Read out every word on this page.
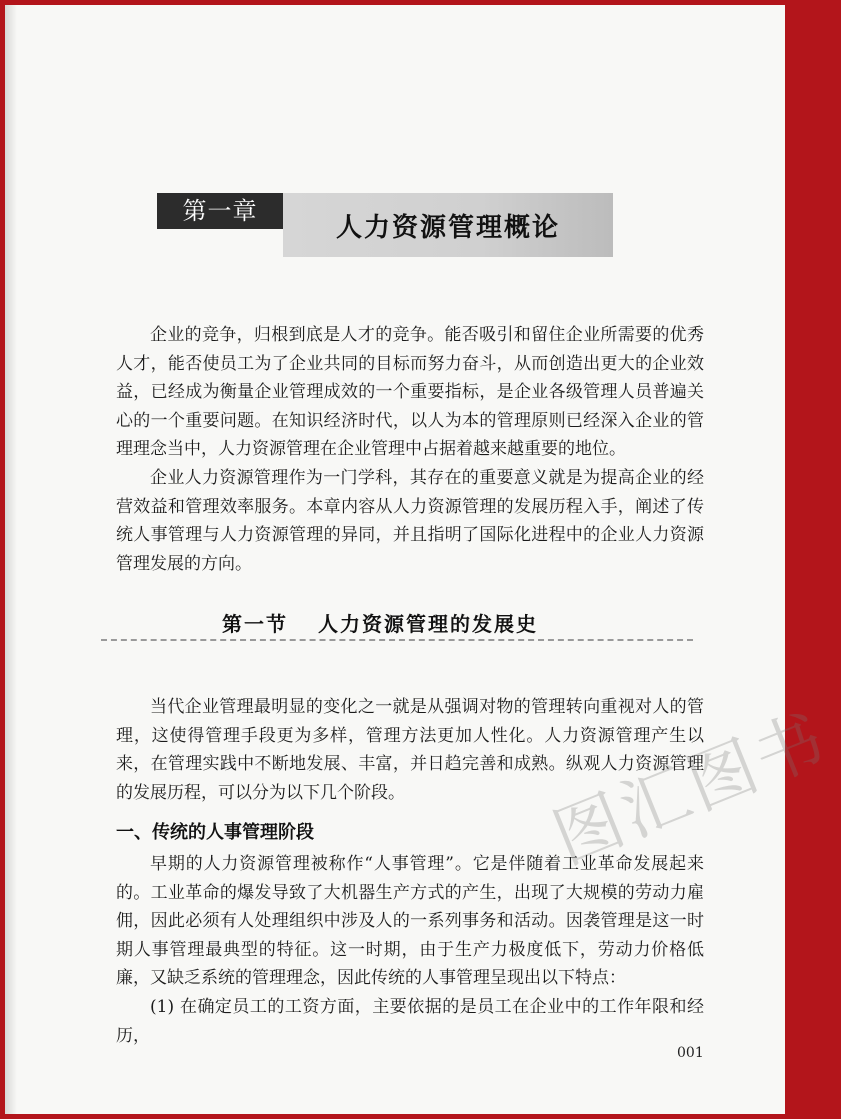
第一章
人力资源管理概论

企业的竞争，归根到底是人才的竞争。能否吸引和留住企业所需要的优秀人才，能否使员工为了企业共同的目标而努力奋斗，从而创造出更大的企业效益，已经成为衡量企业管理成效的一个重要指标，是企业各级管理人员普遍关心的一个重要问题。在知识经济时代，以人为本的管理原则已经深入企业的管理理念当中，人力资源管理在企业管理中占据着越来越重要的地位。

企业人力资源管理作为一门学科，其存在的重要意义就是为提高企业的经营效益和管理效率服务。本章内容从人力资源管理的发展历程入手，阐述了传统人事管理与人力资源管理的异同，并且指明了国际化进程中的企业人力资源管理发展的方向。

第一节 人力资源管理的发展史

当代企业管理最明显的变化之一就是从强调对物的管理转向重视对人的管理，这使得管理手段更为多样，管理方法更加人性化。人力资源管理产生以来，在管理实践中不断地发展、丰富，并日趋完善和成熟。纵观人力资源管理的发展历程，可以分为以下几个阶段。

一、传统的人事管理阶段

早期的人力资源管理被称作“人事管理”。它是伴随着工业革命发展起来的。工业革命的爆发导致了大机器生产方式的产生，出现了大规模的劳动力雇佣，因此必须有人处理组织中涉及人的一系列事务和活动。因袭管理是这一时期人事管理最典型的特征。这一时期，由于生产力极度低下，劳动力价格低廉，又缺乏系统的管理理念，因此传统的人事管理呈现出以下特点：

(1) 在确定员工的工资方面，主要依据的是员工在企业中的工作年限和经历，

001
图汇图书
